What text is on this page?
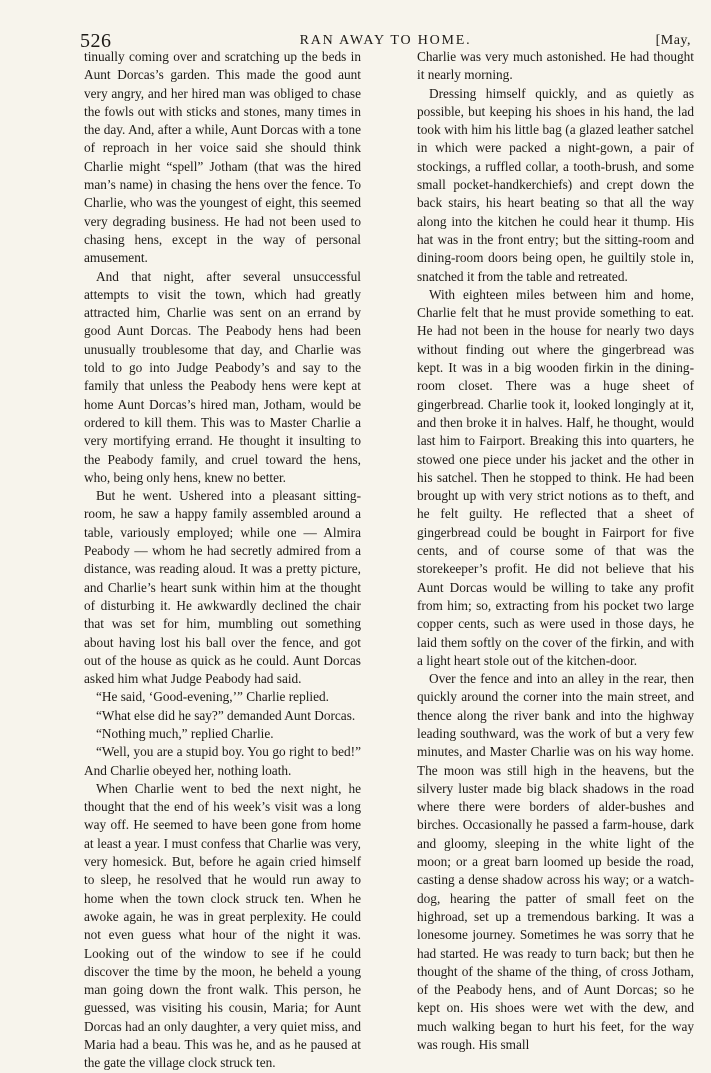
526	RAN AWAY TO HOME.	[May,

tinually coming over and scratching up the beds in Aunt Dorcas’s garden. This made the good aunt very angry, and her hired man was obliged to chase the fowls out with sticks and stones, many times in the day. And, after a while, Aunt Dorcas with a tone of reproach in her voice said she should think Charlie might “spell” Jotham (that was the hired man’s name) in chasing the hens over the fence. To Charlie, who was the youngest of eight, this seemed very degrading business. He had not been used to chasing hens, except in the way of personal amusement.

And that night, after several unsuccessful attempts to visit the town, which had greatly attracted him, Charlie was sent on an errand by good Aunt Dorcas. The Peabody hens had been unusually troublesome that day, and Charlie was told to go into Judge Peabody’s and say to the family that unless the Peabody hens were kept at home Aunt Dorcas’s hired man, Jotham, would be ordered to kill them. This was to Master Charlie a very mortifying errand. He thought it insulting to the Peabody family, and cruel toward the hens, who, being only hens, knew no better.

But he went. Ushered into a pleasant sitting-room, he saw a happy family assembled around a table, variously employed; while one — Almira Peabody — whom he had secretly admired from a distance, was reading aloud. It was a pretty picture, and Charlie’s heart sunk within him at the thought of disturbing it. He awkwardly declined the chair that was set for him, mumbling out something about having lost his ball over the fence, and got out of the house as quick as he could. Aunt Dorcas asked him what Judge Peabody had said.

“He said, ‘Good-evening,’” Charlie replied.

“What else did he say?” demanded Aunt Dorcas.

“Nothing much,” replied Charlie.

“Well, you are a stupid boy. You go right to bed!” And Charlie obeyed her, nothing loath.

When Charlie went to bed the next night, he thought that the end of his week’s visit was a long way off. He seemed to have been gone from home at least a year. I must confess that Charlie was very, very homesick. But, before he again cried himself to sleep, he resolved that he would run away to home when the town clock struck ten. When he awoke again, he was in great perplexity. He could not even guess what hour of the night it was. Looking out of the window to see if he could discover the time by the moon, he beheld a young man going down the front walk. This person, he guessed, was visiting his cousin, Maria; for Aunt Dorcas had an only daughter, a very quiet miss, and Maria had a beau. This was he, and as he paused at the gate the village clock struck ten.

Charlie was very much astonished. He had thought it nearly morning.

Dressing himself quickly, and as quietly as possible, but keeping his shoes in his hand, the lad took with him his little bag (a glazed leather satchel in which were packed a night-gown, a pair of stockings, a ruffled collar, a tooth-brush, and some small pocket-handkerchiefs) and crept down the back stairs, his heart beating so that all the way along into the kitchen he could hear it thump. His hat was in the front entry; but the sitting-room and dining-room doors being open, he guiltily stole in, snatched it from the table and retreated.

With eighteen miles between him and home, Charlie felt that he must provide something to eat. He had not been in the house for nearly two days without finding out where the gingerbread was kept. It was in a big wooden firkin in the dining-room closet. There was a huge sheet of gingerbread. Charlie took it, looked longingly at it, and then broke it in halves. Half, he thought, would last him to Fairport. Breaking this into quarters, he stowed one piece under his jacket and the other in his satchel. Then he stopped to think. He had been brought up with very strict notions as to theft, and he felt guilty. He reflected that a sheet of gingerbread could be bought in Fairport for five cents, and of course some of that was the storekeeper’s profit. He did not believe that his Aunt Dorcas would be willing to take any profit from him; so, extracting from his pocket two large copper cents, such as were used in those days, he laid them softly on the cover of the firkin, and with a light heart stole out of the kitchen-door.

Over the fence and into an alley in the rear, then quickly around the corner into the main street, and thence along the river bank and into the highway leading southward, was the work of but a very few minutes, and Master Charlie was on his way home. The moon was still high in the heavens, but the silvery luster made big black shadows in the road where there were borders of alder-bushes and birches. Occasionally he passed a farm-house, dark and gloomy, sleeping in the white light of the moon; or a great barn loomed up beside the road, casting a dense shadow across his way; or a watch-dog, hearing the patter of small feet on the highroad, set up a tremendous barking. It was a lonesome journey. Sometimes he was sorry that he had started. He was ready to turn back; but then he thought of the shame of the thing, of cross Jotham, of the Peabody hens, and of Aunt Dorcas; so he kept on. His shoes were wet with the dew, and much walking began to hurt his feet, for the way was rough. His small
